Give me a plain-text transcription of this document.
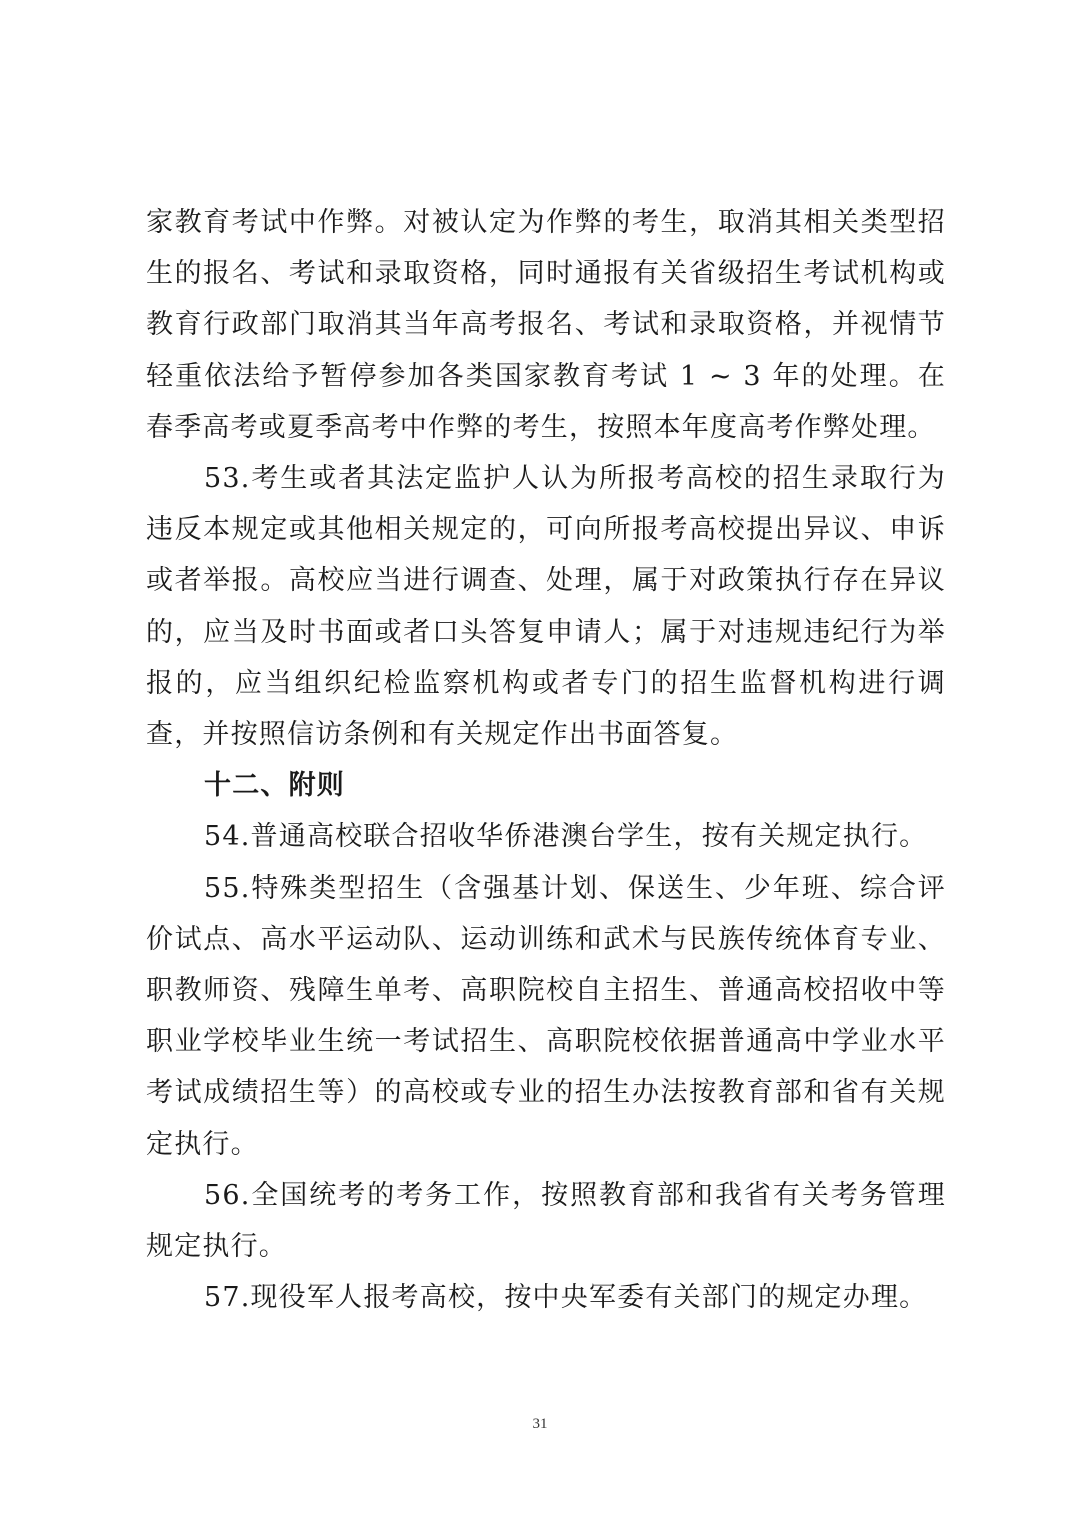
家教育考试中作弊。对被认定为作弊的考生，取消其相关类型招生的报名、考试和录取资格，同时通报有关省级招生考试机构或教育行政部门取消其当年高考报名、考试和录取资格，并视情节轻重依法给予暂停参加各类国家教育考试 1 ~ 3 年的处理。在春季高考或夏季高考中作弊的考生，按照本年度高考作弊处理。

53.考生或者其法定监护人认为所报考高校的招生录取行为违反本规定或其他相关规定的，可向所报考高校提出异议、申诉或者举报。高校应当进行调查、处理，属于对政策执行存在异议的，应当及时书面或者口头答复申请人；属于对违规违纪行为举报的，应当组织纪检监察机构或者专门的招生监督机构进行调查，并按照信访条例和有关规定作出书面答复。

十二、附则

54.普通高校联合招收华侨港澳台学生，按有关规定执行。

55.特殊类型招生（含强基计划、保送生、少年班、综合评价试点、高水平运动队、运动训练和武术与民族传统体育专业、职教师资、残障生单考、高职院校自主招生、普通高校招收中等职业学校毕业生统一考试招生、高职院校依据普通高中学业水平考试成绩招生等）的高校或专业的招生办法按教育部和省有关规定执行。

56.全国统考的考务工作，按照教育部和我省有关考务管理规定执行。

57.现役军人报考高校，按中央军委有关部门的规定办理。

31
